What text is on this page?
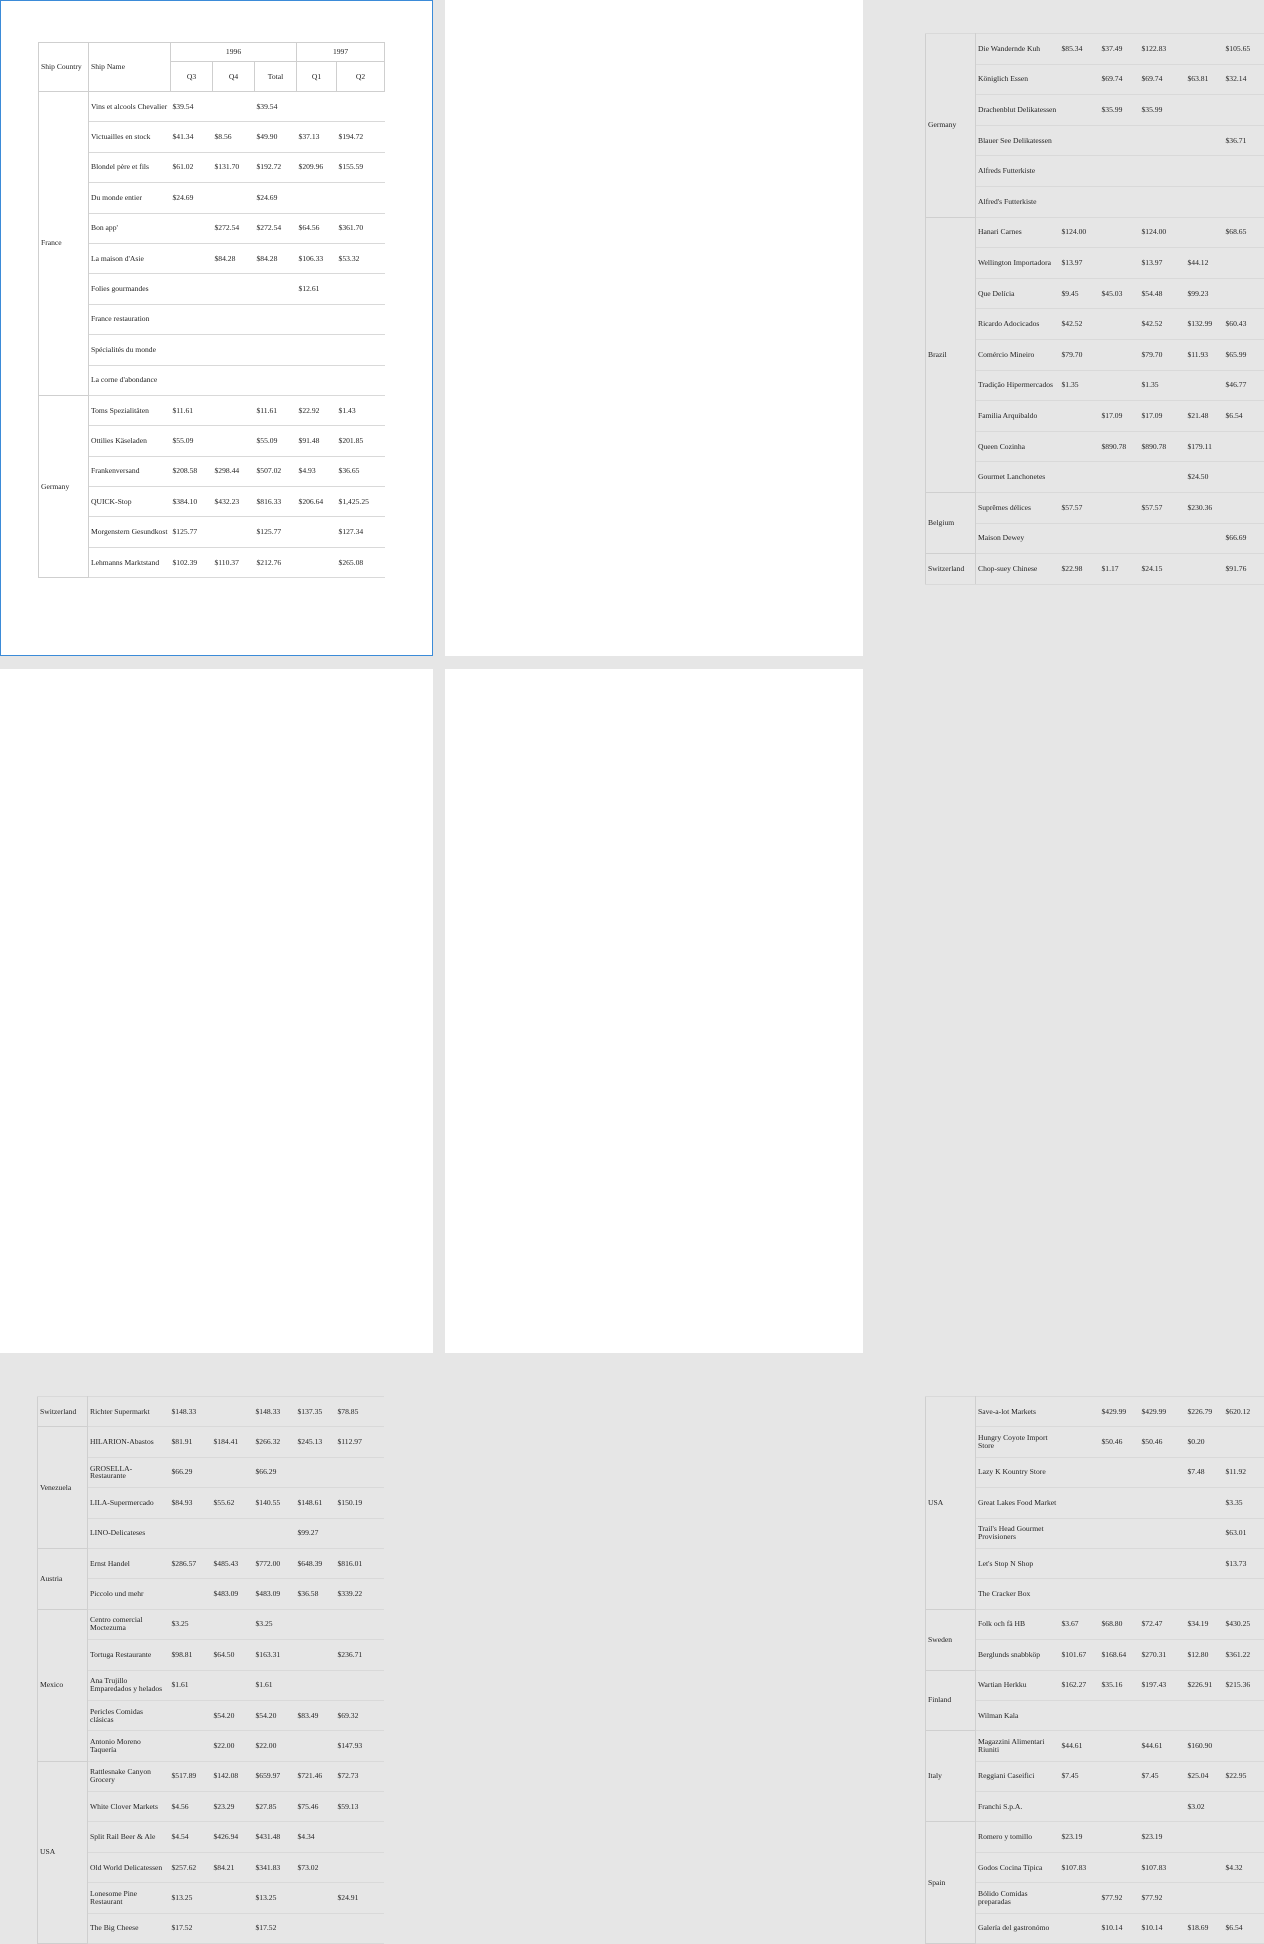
Ship Country	Ship Name	1996			1997	
		Q3	Q4	Total	Q1	Q2
France	Vins et alcools Chevalier	$39.54		$39.54		
	Victuailles en stock	$41.34	$8.56	$49.90	$37.13	$194.72
	Blondel père et fils	$61.02	$131.70	$192.72	$209.96	$155.59
	Du monde entier	$24.69		$24.69		
	Bon app'		$272.54	$272.54	$64.56	$361.70
	La maison d'Asie		$84.28	$84.28	$106.33	$53.32
	Folies gourmandes				$12.61	
	France restauration					
	Spécialités du monde					
	La corne d'abondance					
Germany	Toms Spezialitäten	$11.61		$11.61	$22.92	$1.43
	Ottilies Käseladen	$55.09		$55.09	$91.48	$201.85
	Frankenversand	$208.58	$298.44	$507.02	$4.93	$36.65
	QUICK-Stop	$384.10	$432.23	$816.33	$206.64	$1,425.25
	Morgenstern Gesundkost	$125.77		$125.77		$127.34
	Lehmanns Marktstand	$102.39	$110.37	$212.76		$265.08
Germany	Die Wandernde Kuh	$85.34	$37.49	$122.83		$105.65
	Königlich Essen		$69.74	$69.74	$63.81	$32.14
	Drachenblut Delikatessen		$35.99	$35.99		
	Blauer See Delikatessen					$36.71
	Alfreds Futterkiste					
	Alfred's Futterkiste					
Brazil	Hanari Carnes	$124.00		$124.00		$68.65
	Wellington Importadora	$13.97		$13.97	$44.12	
	Que Delícia	$9.45	$45.03	$54.48	$99.23	
	Ricardo Adocicados	$42.52		$42.52	$132.99	$60.43
	Comércio Mineiro	$79.70		$79.70	$11.93	$65.99
	Tradição Hipermercados	$1.35		$1.35		$46.77
	Familia Arquibaldo		$17.09	$17.09	$21.48	$6.54
	Queen Cozinha		$890.78	$890.78	$179.11	
	Gourmet Lanchonetes				$24.50	
Belgium	Suprêmes délices	$57.57		$57.57	$230.36	
	Maison Dewey					$66.69
Switzerland	Chop-suey Chinese	$22.98	$1.17	$24.15		$91.76
Switzerland	Richter Supermarkt	$148.33		$148.33	$137.35	$78.85
Venezuela	HILARION-Abastos	$81.91	$184.41	$266.32	$245.13	$112.97
	GROSELLA-Restaurante	$66.29		$66.29		
	LILA-Supermercado	$84.93	$55.62	$140.55	$148.61	$150.19
	LINO-Delicateses				$99.27	
Austria	Ernst Handel	$286.57	$485.43	$772.00	$648.39	$816.01
	Piccolo und mehr		$483.09	$483.09	$36.58	$339.22
Mexico	Centro comercial Moctezuma	$3.25		$3.25		
	Tortuga Restaurante	$98.81	$64.50	$163.31		$236.71
	Ana Trujillo Emparedados y helados	$1.61		$1.61		
	Pericles Comidas clásicas		$54.20	$54.20	$83.49	$69.32
	Antonio Moreno Taquería		$22.00	$22.00		$147.93
USA	Rattlesnake Canyon Grocery	$517.89	$142.08	$659.97	$721.46	$72.73
	White Clover Markets	$4.56	$23.29	$27.85	$75.46	$59.13
	Split Rail Beer & Ale	$4.54	$426.94	$431.48	$4.34	
	Old World Delicatessen	$257.62	$84.21	$341.83	$73.02	
	Lonesome Pine Restaurant	$13.25		$13.25		$24.91
	The Big Cheese	$17.52		$17.52		
USA	Save-a-lot Markets		$429.99	$429.99	$226.79	$620.12
	Hungry Coyote Import Store		$50.46	$50.46	$0.20	
	Lazy K Kountry Store				$7.48	$11.92
	Great Lakes Food Market					$3.35
	Trail's Head Gourmet Provisioners					$63.01
	Let's Stop N Shop					$13.73
	The Cracker Box					
Sweden	Folk och fä HB	$3.67	$68.80	$72.47	$34.19	$430.25
	Berglunds snabbköp	$101.67	$168.64	$270.31	$12.80	$361.22
Finland	Wartian Herkku	$162.27	$35.16	$197.43	$226.91	$215.36
	Wilman Kala					
Italy	Magazzini Alimentari Riuniti	$44.61		$44.61	$160.90	
	Reggiani Caseifici	$7.45		$7.45	$25.04	$22.95
	Franchi S.p.A.				$3.02	
Spain	Romero y tomillo	$23.19		$23.19		
	Godos Cocina Típica	$107.83		$107.83		$4.32
	Bólido Comidas preparadas		$77.92	$77.92		
	Galería del gastronómo		$10.14	$10.14	$18.69	$6.54
